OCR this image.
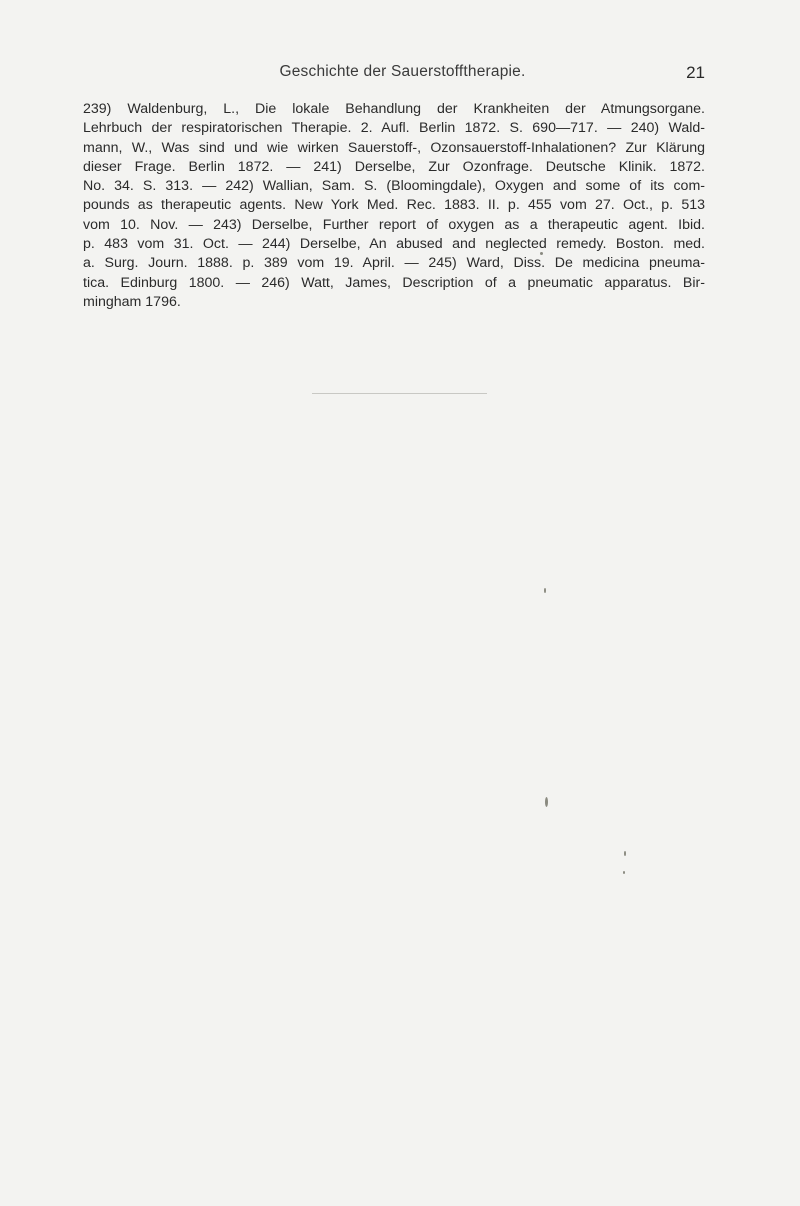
Geschichte der Sauerstofftherapie.	21
239) Waldenburg, L., Die lokale Behandlung der Krankheiten der Atmungsorgane.
Lehrbuch der respiratorischen Therapie. 2. Aufl. Berlin 1872. S. 690—717. — 240) Wald-
mann, W., Was sind und wie wirken Sauerstoff-, Ozonsauerstoff-Inhalationen? Zur Klärung
dieser Frage. Berlin 1872. — 241) Derselbe, Zur Ozonfrage. Deutsche Klinik. 1872.
No. 34. S. 313. — 242) Wallian, Sam. S. (Bloomingdale), Oxygen and some of its com-
pounds as therapeutic agents. New York Med. Rec. 1883. II. p. 455 vom 27. Oct., p. 513
vom 10. Nov. — 243) Derselbe, Further report of oxygen as a therapeutic agent. Ibid.
p. 483 vom 31. Oct. — 244) Derselbe, An abused and neglected remedy. Boston. med.
a. Surg. Journ. 1888. p. 389 vom 19. April. — 245) Ward, Diss. De medicina pneuma-
tica. Edinburg 1800. — 246) Watt, James, Description of a pneumatic apparatus. Bir-
mingham 1796.
